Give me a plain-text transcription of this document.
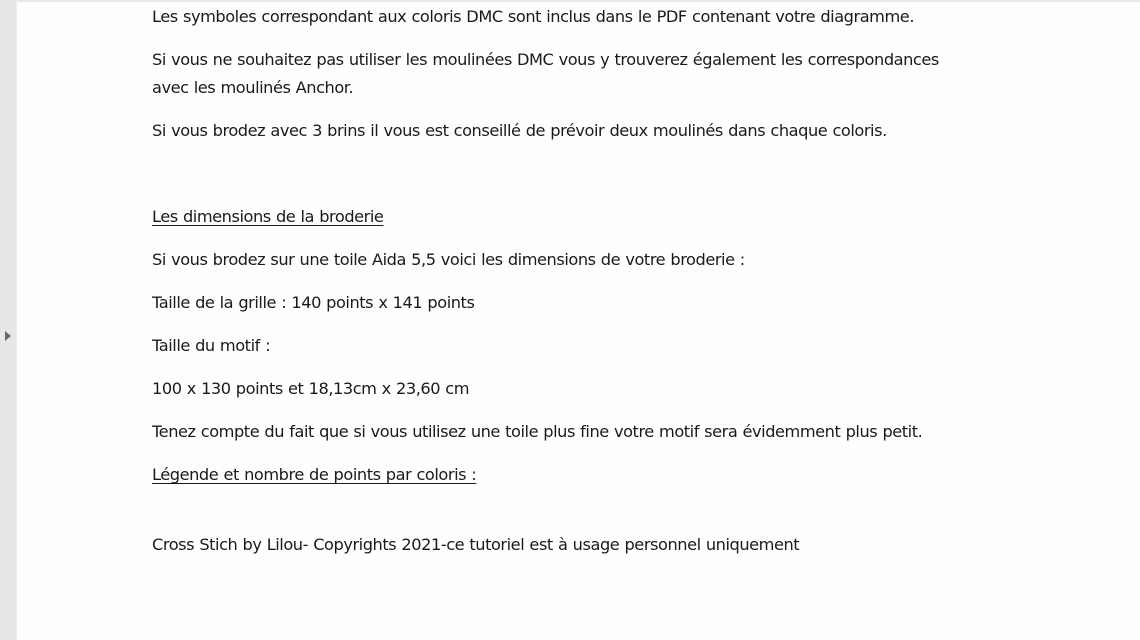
Les symboles correspondant aux coloris DMC sont inclus dans le PDF contenant votre diagramme.
Si vous ne souhaitez pas utiliser les moulinées DMC vous y trouverez également les correspondances
avec les moulinés Anchor.
Si vous brodez avec 3 brins il vous est conseillé de prévoir deux moulinés dans chaque coloris.
Les dimensions de la broderie
Si vous brodez sur une toile Aida 5,5 voici les dimensions de votre broderie :
Taille de la grille : 140 points x 141 points
Taille du motif :
100 x 130 points et 18,13cm x 23,60 cm
Tenez compte du fait que si vous utilisez une toile plus fine votre motif sera évidemment plus petit.
Légende et nombre de points par coloris :
Cross Stich by Lilou- Copyrights 2021-ce tutoriel est à usage personnel uniquement
